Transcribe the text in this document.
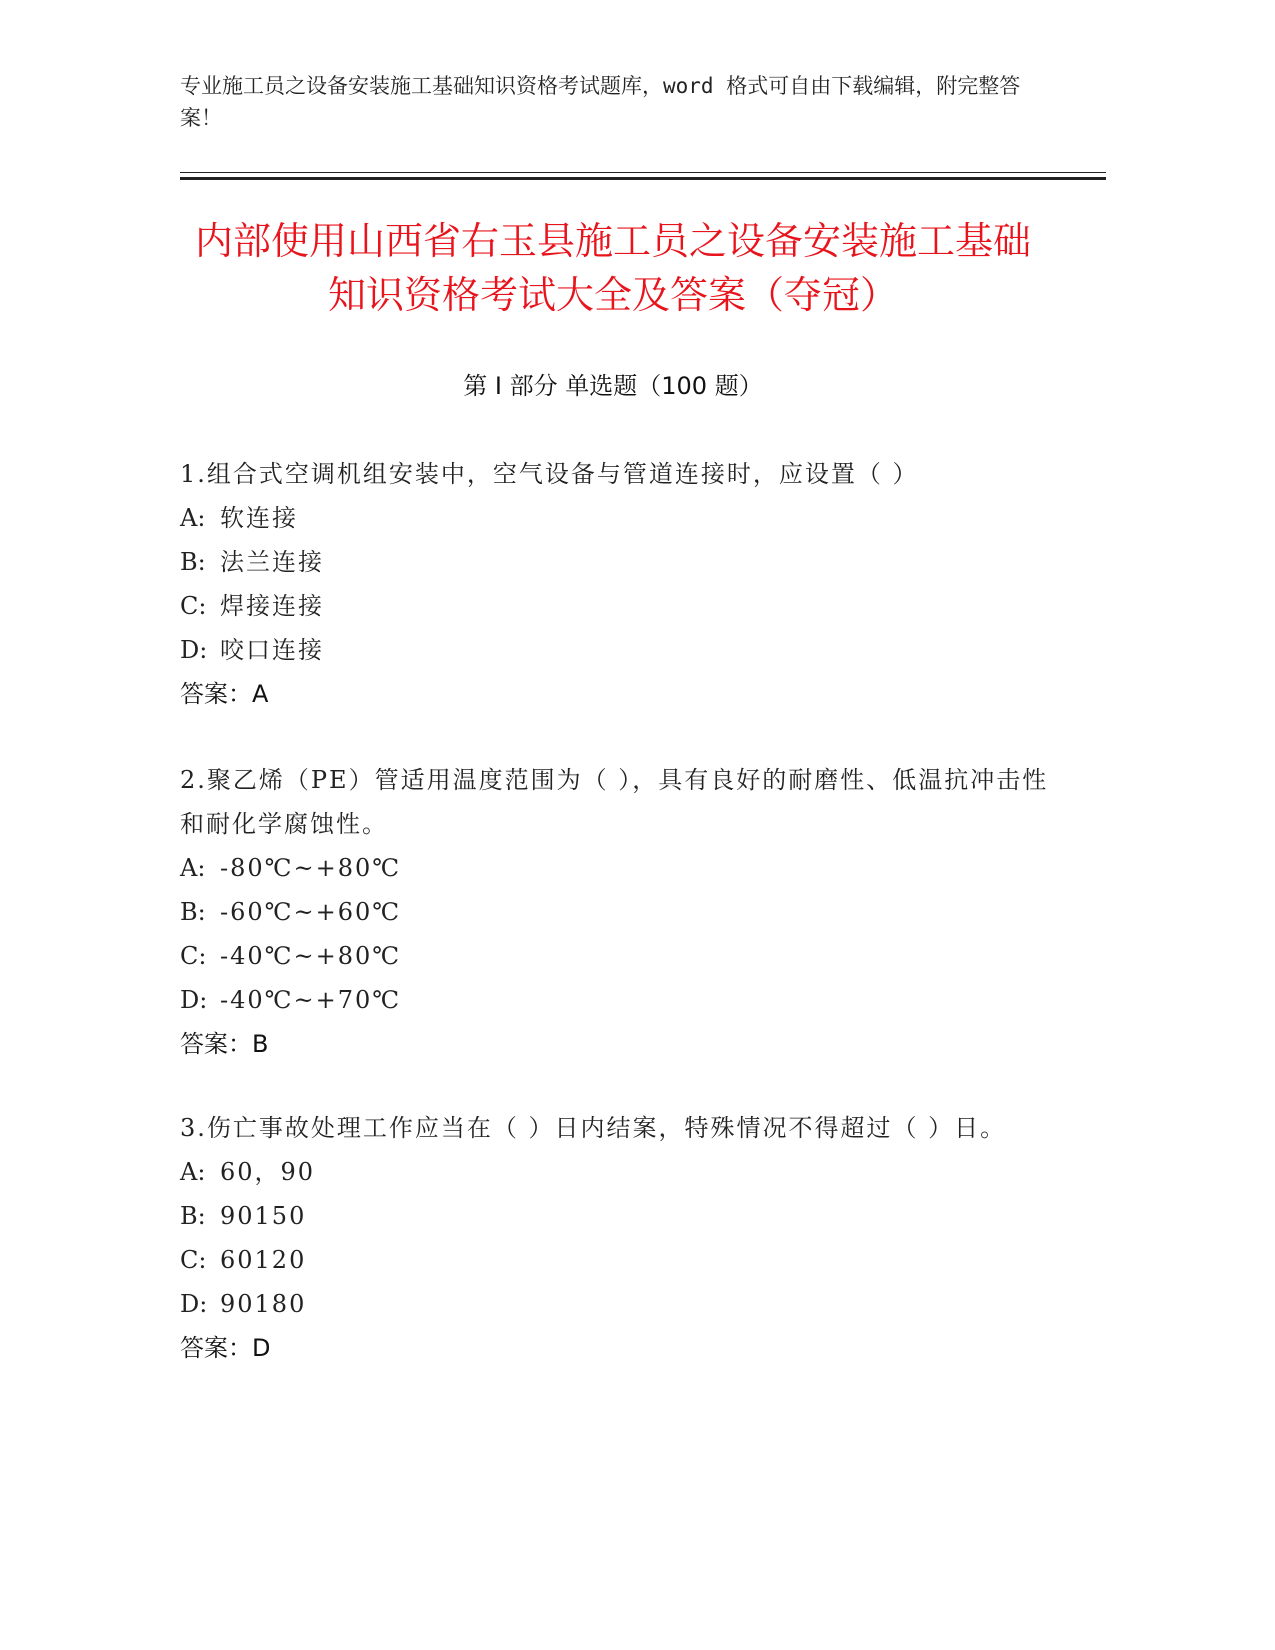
专业施工员之设备安装施工基础知识资格考试题库，word 格式可自由下载编辑，附完整答案！
内部使用山西省右玉县施工员之设备安装施工基础知识资格考试大全及答案（夺冠）
第 I 部分 单选题（100 题）
1.组合式空调机组安装中，空气设备与管道连接时，应设置（ ）
A: 软连接
B: 法兰连接
C: 焊接连接
D: 咬口连接
答案：A
2.聚乙烯（PE）管适用温度范围为（ ），具有良好的耐磨性、低温抗冲击性和耐化学腐蚀性。
A: -80℃~+80℃
B: -60℃~+60℃
C: -40℃~+80℃
D: -40℃~+70℃
答案：B
3.伤亡事故处理工作应当在（ ）日内结案，特殊情况不得超过（ ）日。
A: 60，90
B: 90150
C: 60120
D: 90180
答案：D
